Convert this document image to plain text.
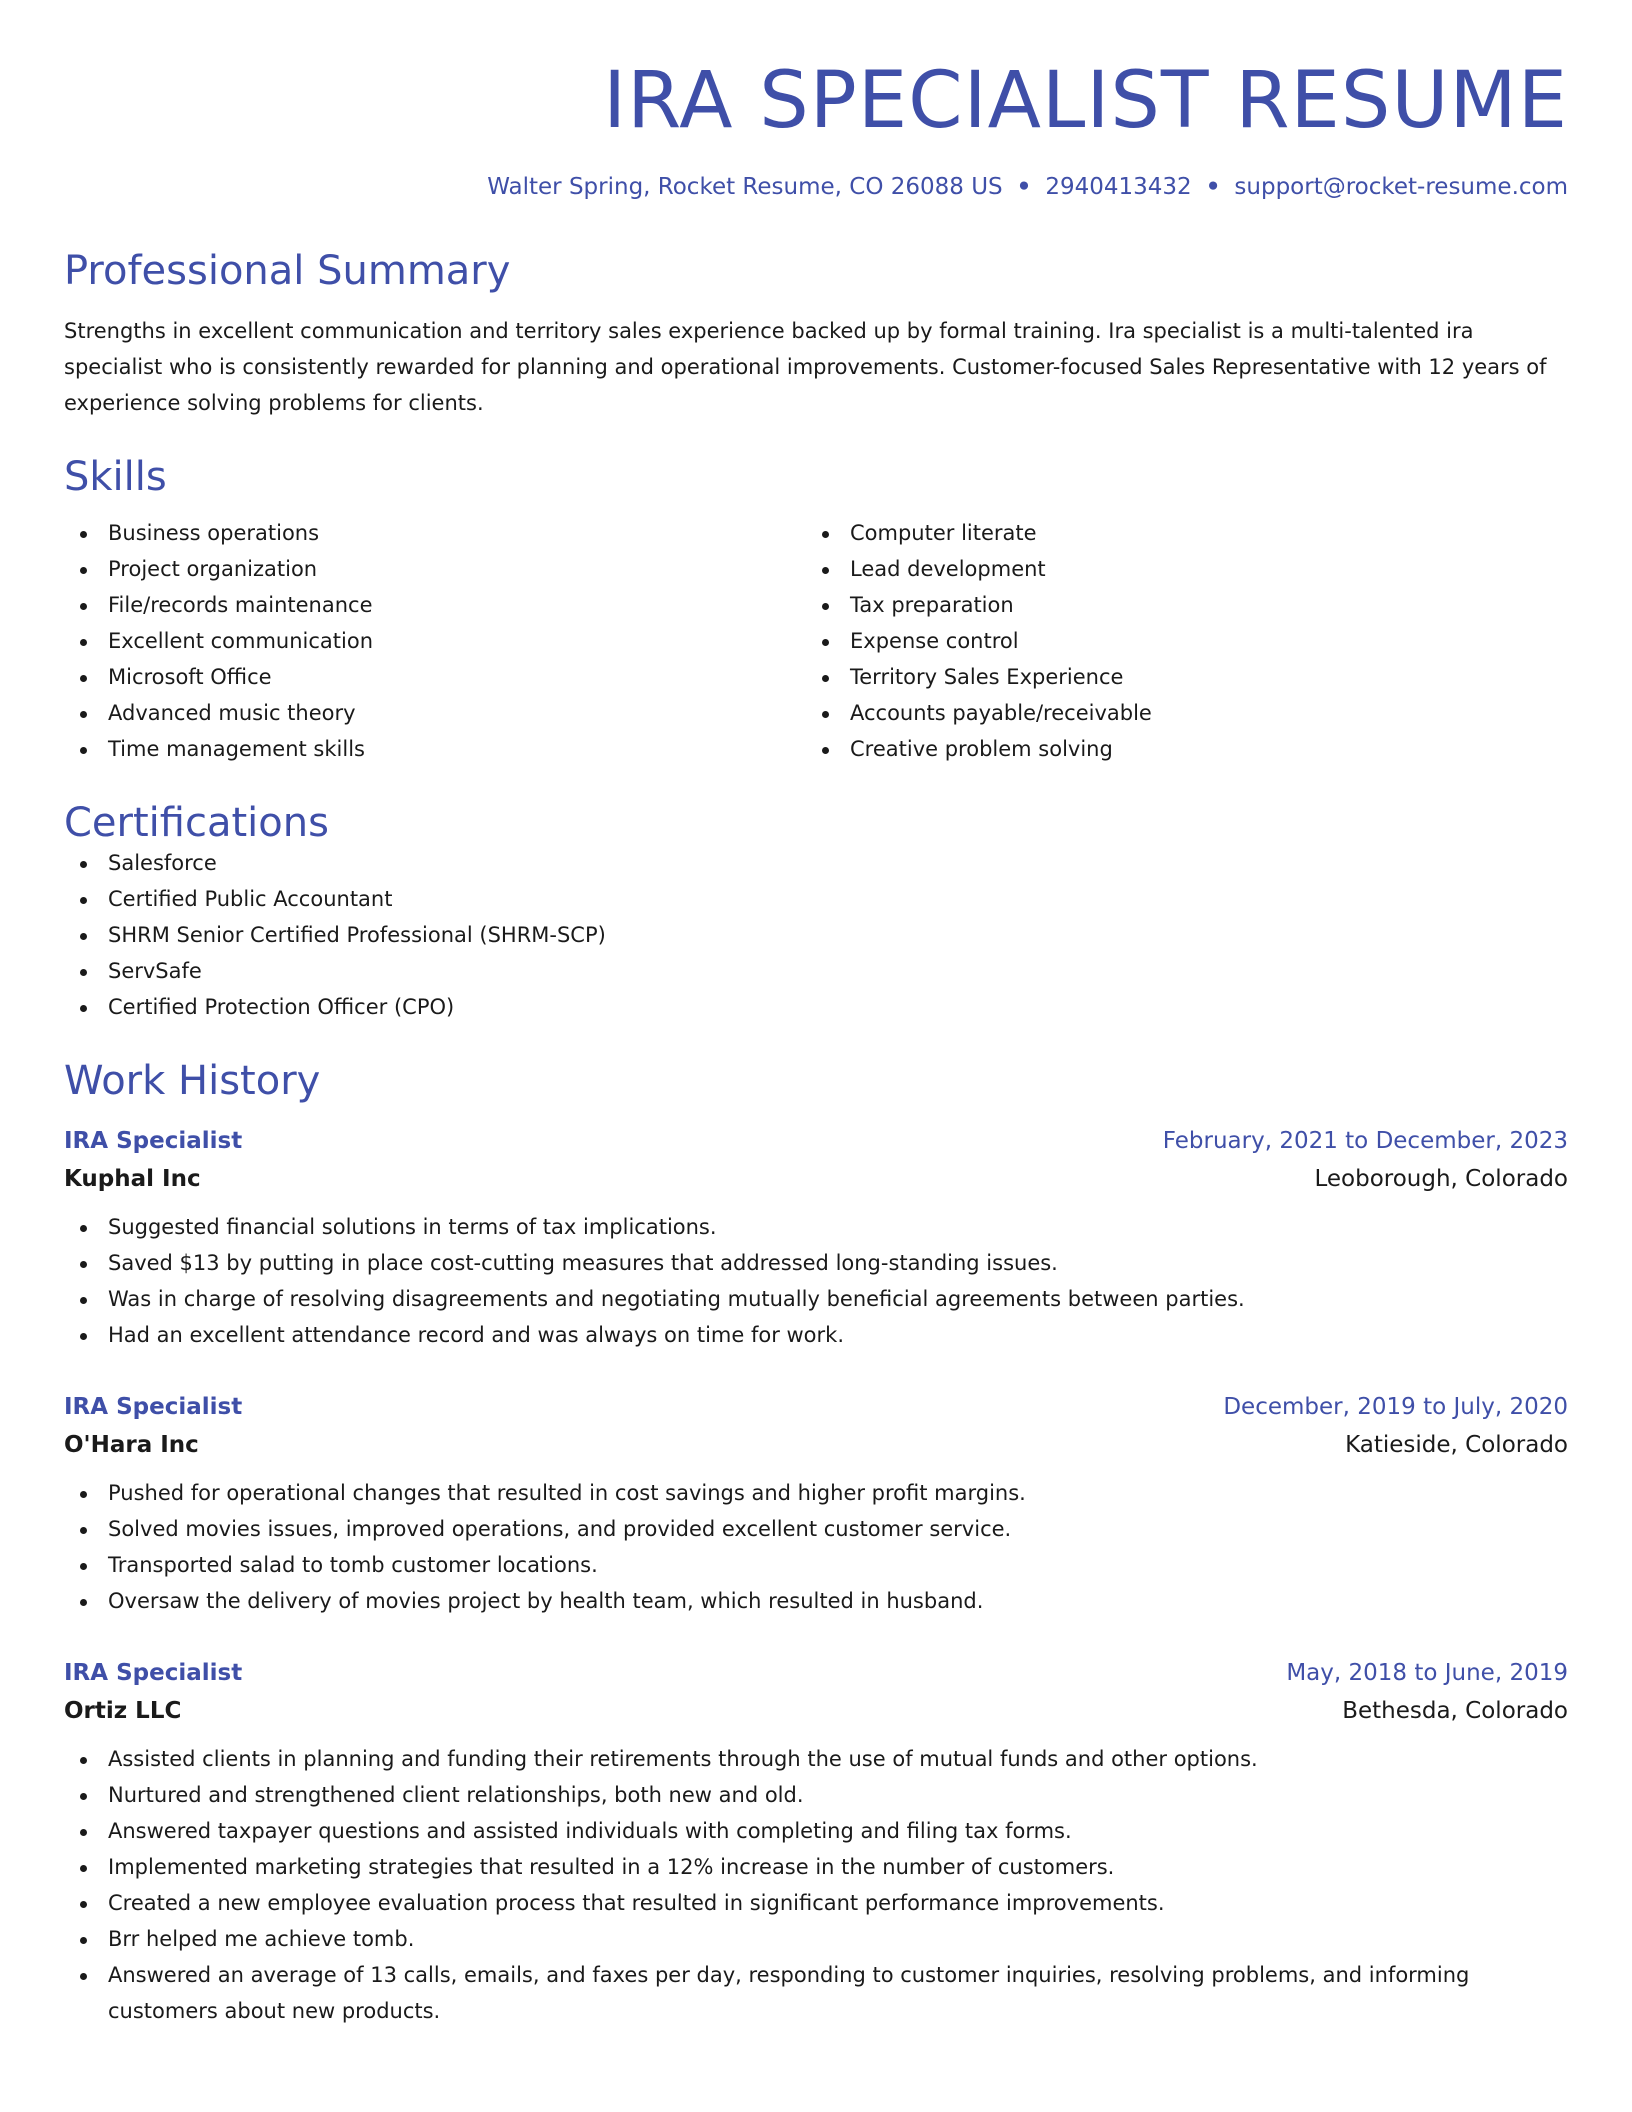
IRA SPECIALIST RESUME
Walter Spring, Rocket Resume, CO 26088 US • 2940413432 • support@rocket-resume.com
Professional Summary
Strengths in excellent communication and territory sales experience backed up by formal training. Ira specialist is a multi-talented ira specialist who is consistently rewarded for planning and operational improvements. Customer-focused Sales Representative with 12 years of experience solving problems for clients.
Skills
Business operations
Project organization
File/records maintenance
Excellent communication
Microsoft Office
Advanced music theory
Time management skills
Computer literate
Lead development
Tax preparation
Expense control
Territory Sales Experience
Accounts payable/receivable
Creative problem solving
Certifications
Salesforce
Certified Public Accountant
SHRM Senior Certified Professional (SHRM-SCP)
ServSafe
Certified Protection Officer (CPO)
Work History
IRA Specialist	February, 2021 to December, 2023
Kuphal Inc	Leoborough, Colorado
Suggested financial solutions in terms of tax implications.
Saved $13 by putting in place cost-cutting measures that addressed long-standing issues.
Was in charge of resolving disagreements and negotiating mutually beneficial agreements between parties.
Had an excellent attendance record and was always on time for work.
IRA Specialist	December, 2019 to July, 2020
O'Hara Inc	Katieside, Colorado
Pushed for operational changes that resulted in cost savings and higher profit margins.
Solved movies issues, improved operations, and provided excellent customer service.
Transported salad to tomb customer locations.
Oversaw the delivery of movies project by health team, which resulted in husband.
IRA Specialist	May, 2018 to June, 2019
Ortiz LLC	Bethesda, Colorado
Assisted clients in planning and funding their retirements through the use of mutual funds and other options.
Nurtured and strengthened client relationships, both new and old.
Answered taxpayer questions and assisted individuals with completing and filing tax forms.
Implemented marketing strategies that resulted in a 12% increase in the number of customers.
Created a new employee evaluation process that resulted in significant performance improvements.
Brr helped me achieve tomb.
Answered an average of 13 calls, emails, and faxes per day, responding to customer inquiries, resolving problems, and informing customers about new products.
